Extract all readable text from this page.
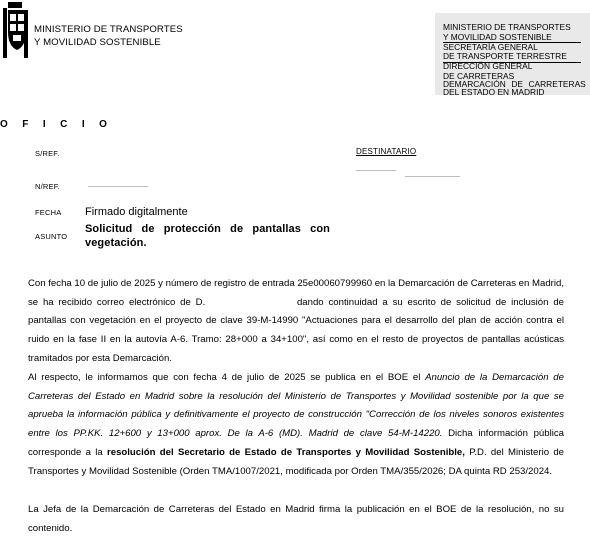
MINISTERIO DE TRANSPORTES
Y MOVILIDAD SOSTENIBLE
MINISTERIO DE TRANSPORTES
Y MOVILIDAD SOSTENIBLE
SECRETARÍA GENERAL
DE TRANSPORTE TERRESTRE
DIRECCIÓN GENERAL
DE CARRETERAS
DEMARCACIÓN DE CARRETERAS
DEL ESTADO EN MADRID
OFICIO
S/REF.	DESTINATARIO
N/REF.
FECHA Firmado digitalmente
ASUNTO
Solicitud de protección de pantallas con vegetación.
Con fecha 10 de julio de 2025 y número de registro de entrada 25e00060799960 en la Demarcación de Carreteras en Madrid, se ha recibido correo electrónico de D.	dando continuidad a su escrito de solicitud de inclusión de pantallas con vegetación en el proyecto de clave 39-M-14990 "Actuaciones para el desarrollo del plan de acción contra el ruido en la fase II en la autovía A-6. Tramo: 28+000 a 34+100", así como en el resto de proyectos de pantallas acústicas tramitados por esta Demarcación.
Al respecto, le informamos que con fecha 4 de julio de 2025 se publica en el BOE el Anuncio de la Demarcación de Carreteras del Estado en Madrid sobre la resolución del Ministerio de Transportes y Movilidad sostenible por la que se aprueba la información pública y definitivamente el proyecto de construcción "Corrección de los niveles sonoros existentes entre los PP.KK. 12+600 y 13+000 aprox. De la A-6 (MD). Madrid de clave 54-M-14220. Dicha información pública corresponde a la resolución del Secretario de Estado de Transportes y Movilidad Sostenible, P.D. del Ministerio de Transportes y Movilidad Sostenible (Orden TMA/1007/2021, modificada por Orden TMA/355/2026; DA quinta RD 253/2024.
La Jefa de la Demarcación de Carreteras del Estado en Madrid firma la publicación en el BOE de la resolución, no su contenido.
